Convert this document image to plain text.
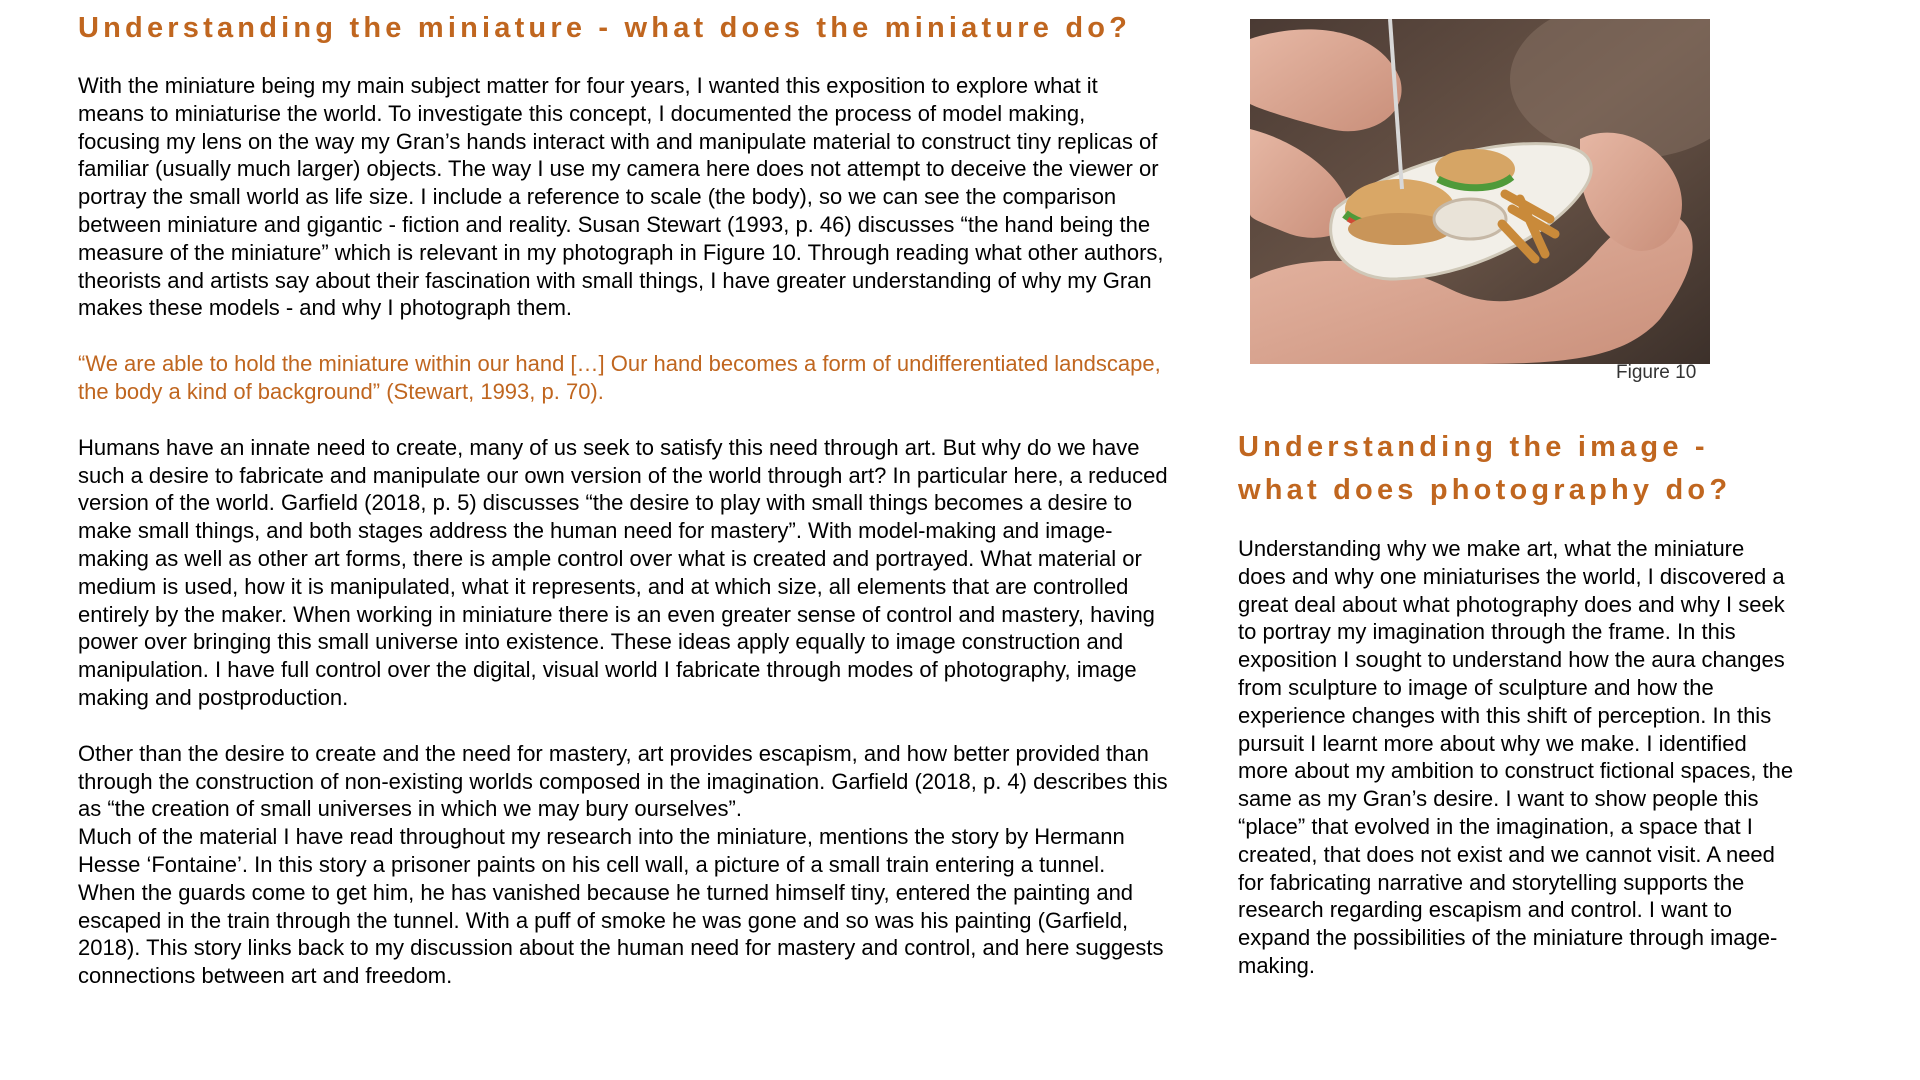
Understanding the miniature - what does the miniature do?

With the miniature being my main subject matter for four years, I wanted this exposition to explore what it means to miniaturise the world. To investigate this concept, I documented the process of model making, focusing my lens on the way my Gran’s hands interact with and manipulate material to construct tiny replicas of familiar (usually much larger) objects. The way I use my camera here does not attempt to deceive the viewer or portray the small world as life size. I include a reference to scale (the body), so we can see the comparison between miniature and gigantic - fiction and reality. Susan Stewart (1993, p. 46) discusses “the hand being the measure of the miniature” which is relevant in my photograph in Figure 10. Through reading what other authors, theorists and artists say about their fascination with small things, I have greater understanding of why my Gran makes these models - and why I photograph them.

“We are able to hold the miniature within our hand […] Our hand becomes a form of undifferentiated landscape, the body a kind of background” (Stewart, 1993, p. 70).

Humans have an innate need to create, many of us seek to satisfy this need through art. But why do we have such a desire to fabricate and manipulate our own version of the world through art? In particular here, a reduced version of the world. Garfield (2018, p. 5) discusses “the desire to play with small things becomes a desire to make small things, and both stages address the human need for mastery”. With model-making and image-making as well as other art forms, there is ample control over what is created and portrayed. What material or medium is used, how it is manipulated, what it represents, and at which size, all elements that are controlled entirely by the maker. When working in miniature there is an even greater sense of control and mastery, having power over bringing this small universe into existence. These ideas apply equally to image construction and manipulation. I have full control over the digital, visual world I fabricate through modes of photography, image making and postproduction.

Other than the desire to create and the need for mastery, art provides escapism, and how better provided than through the construction of non-existing worlds composed in the imagination. Garfield (2018, p. 4) describes this as “the creation of small universes in which we may bury ourselves”.

Much of the material I have read throughout my research into the miniature, mentions the story by Hermann Hesse ‘Fontaine’. In this story a prisoner paints on his cell wall, a picture of a small train entering a tunnel. When the guards come to get him, he has vanished because he turned himself tiny, entered the painting and escaped in the train through the tunnel. With a puff of smoke he was gone and so was his painting (Garfield, 2018). This story links back to my discussion about the human need for mastery and control, and here suggests connections between art and freedom.

Figure 10
Understanding the image - what does photography do?

Understanding why we make art, what the miniature does and why one miniaturises the world, I discovered a great deal about what photography does and why I seek to portray my imagination through the frame. In this exposition I sought to understand how the aura changes from sculpture to image of sculpture and how the experience changes with this shift of perception. In this pursuit I learnt more about why we make. I identified more about my ambition to construct fictional spaces, the same as my Gran’s desire. I want to show people this “place” that evolved in the imagination, a space that I created, that does not exist and we cannot visit. A need for fabricating narrative and storytelling supports the research regarding escapism and control. I want to expand the possibilities of the miniature through image-making.
